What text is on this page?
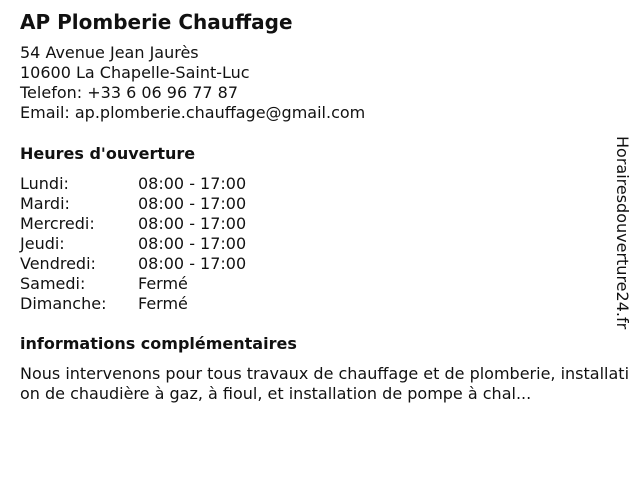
AP Plomberie Chauffage
54 Avenue Jean Jaurès
10600 La Chapelle-Saint-Luc
Telefon: +33 6 06 96 77 87
Email: ap.plomberie.chauffage@gmail.com
Heures d'ouverture
Lundi:	08:00 - 17:00
Mardi:	08:00 - 17:00
Mercredi:	08:00 - 17:00
Jeudi:	08:00 - 17:00
Vendredi:	08:00 - 17:00
Samedi:	Fermé
Dimanche:	Fermé
informations complémentaires
Nous intervenons pour tous travaux de chauffage et de plomberie, installation de chaudière à gaz, à fioul, et installation de pompe à chal...
Horairesdouverture24.fr
